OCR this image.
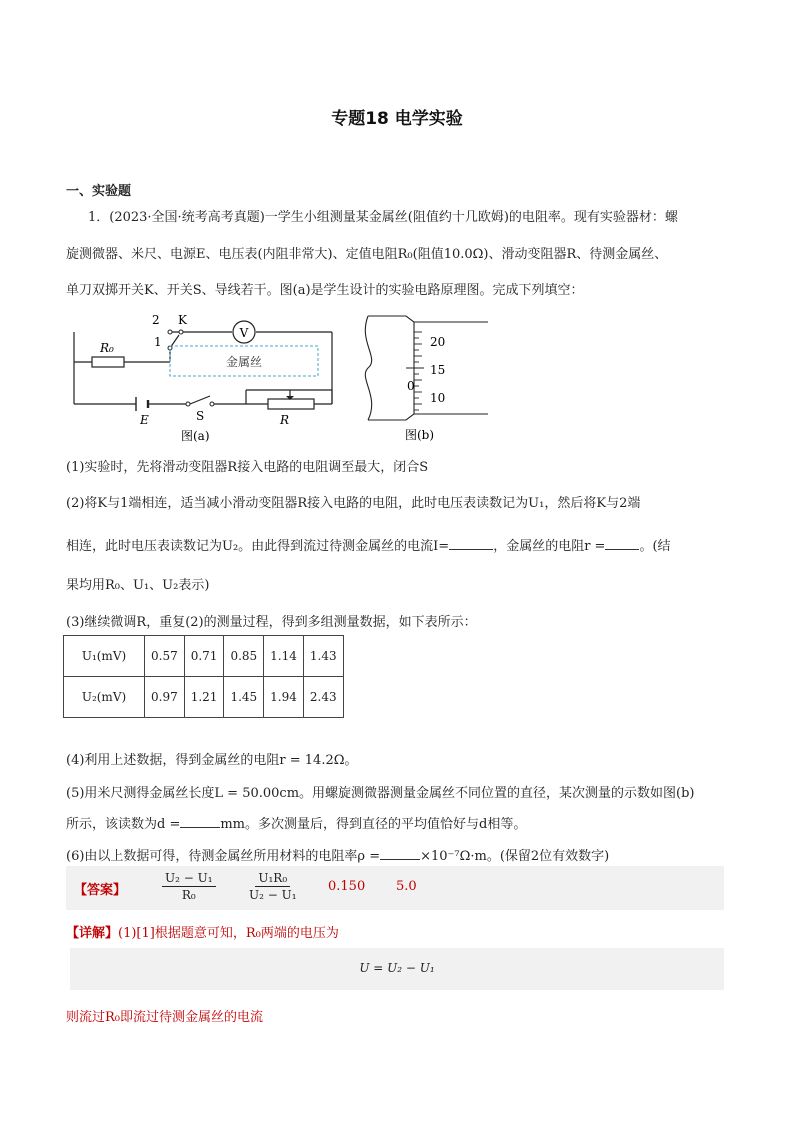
专题18 电学实验
一、实验题
1．(2023·全国·统考高考真题)一学生小组测量某金属丝(阻值约十几欧姆)的电阻率。现有实验器材：螺
旋测微器、米尺、电源E、电压表(内阻非常大)、定值电阻R₀(阻值10.0Ω)、滑动变阻器R、待测金属丝、
单刀双掷开关K、开关S、导线若干。图(a)是学生设计的实验电路原理图。完成下列填空：
V
金属丝
2 K
1
R₀
E	S	R
图(a)
20
15
10
0
图(b)
(1)实验时，先将滑动变阻器R接入电路的电阻调至最大，闭合S
(2)将K与1端相连，适当减小滑动变阻器R接入电路的电阻，此时电压表读数记为U₁，然后将K与2端
相连，此时电压表读数记为U₂。由此得到流过待测金属丝的电流I=	，金属丝的电阻r =	。(结
果均用R₀、U₁、U₂表示)
(3)继续微调R，重复(2)的测量过程，得到多组测量数据，如下表所示：
U₁(mV)	0.57	0.71	0.85	1.14	1.43
U₂(mV)	0.97	1.21	1.45	1.94	2.43
(4)利用上述数据，得到金属丝的电阻r = 14.2Ω。
(5)用米尺测得金属丝长度L = 50.00cm。用螺旋测微器测量金属丝不同位置的直径，某次测量的示数如图(b)
所示，该读数为d =	mm。多次测量后，得到直径的平均值恰好与d相等。
(6)由以上数据可得，待测金属丝所用材料的电阻率ρ =	×10⁻⁷Ω·m。(保留2位有效数字)
【答案】	$\frac{\text{U₂ − U₁}}{\text{R₀}}$	$\frac{\text{U₁R₀}}{\text{U₂ − U₁}} 0.150$ 5.0
【详解】(1)[1]根据题意可知，R₀两端的电压为
U = U₂ − U₁
则流过R₀即流过待测金属丝的电流
